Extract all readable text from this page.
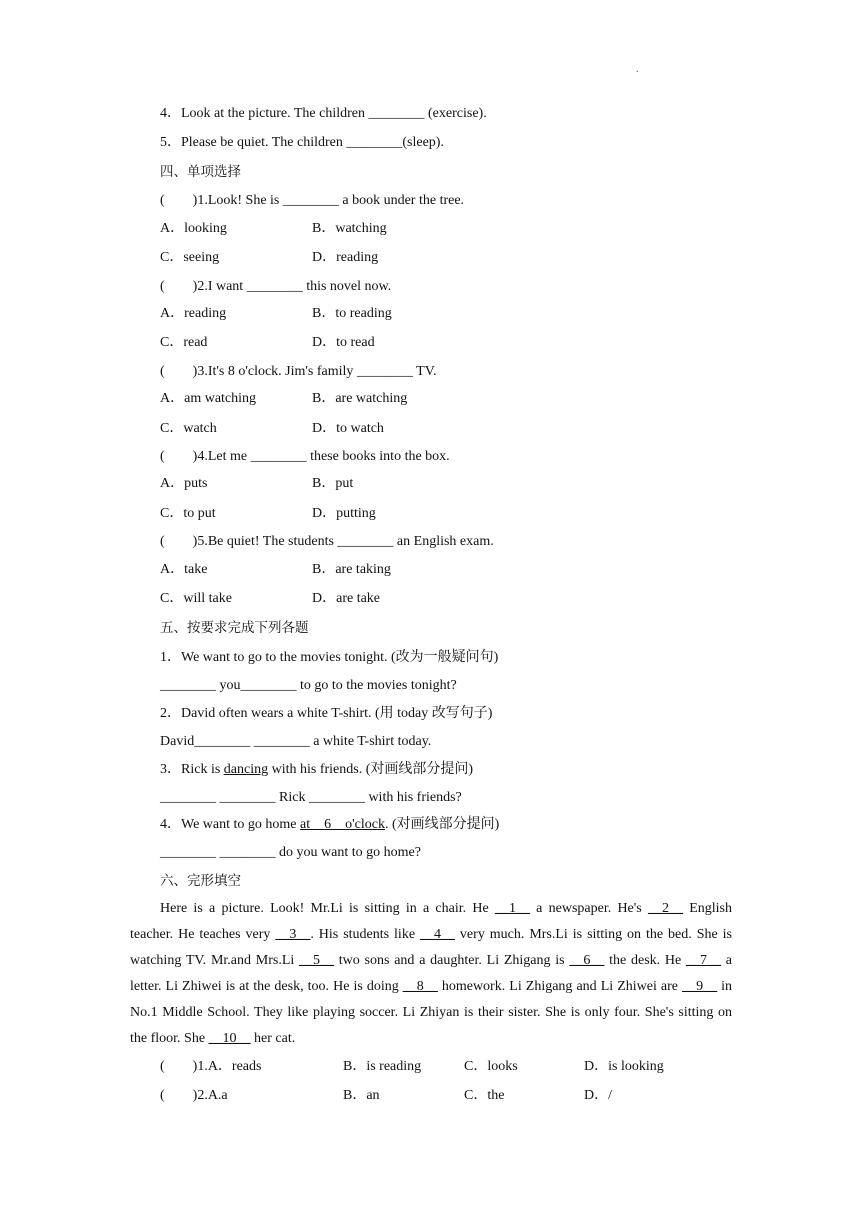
.
4．Look at the picture. The children ________ (exercise).
5．Please be quiet. The children ________(sleep).
四、单项选择
(        )1.Look! She is ________ a book under the tree.
A．looking	B．watching
C．seeing	D．reading
(        )2.I want ________ this novel now.
A．reading	B．to reading
C．read	D．to read
(        )3.It's 8 o'clock. Jim's family ________ TV.
A．am watching	B．are watching
C．watch	D．to watch
(        )4.Let me ________ these books into the box.
A．puts	B．put
C．to put	D．putting
(        )5.Be quiet! The students ________ an English exam.
A．take	B．are taking
C．will take	D．are take
五、按要求完成下列各题
1．We want to go to the movies tonight. (改为一般疑问句)
________ you________ to go to the movies tonight?
2．David often wears a white T-shirt. (用 today 改写句子)
David________ ________ a white T-shirt today.
3．Rick is dancing with his friends. (对画线部分提问)
________ ________ Rick ________ with his friends?
4．We want to go home at    6    o'clock. (对画线部分提问)
________ ________ do you want to go home?
六、完形填空
Here is a picture. Look! Mr.Li is sitting in a chair. He __1__ a newspaper. He's __2__ English teacher. He teaches very __3__. His students like __4__ very much. Mrs.Li is sitting on the bed. She is watching TV. Mr.and Mrs.Li __5__ two sons and a daughter. Li Zhigang is __6__ the desk. He __7__ a letter. Li Zhiwei is at the desk, too. He is doing __8__ homework. Li Zhigang and Li Zhiwei are __9__ in No.1 Middle School. They like playing soccer. Li Zhiyan is their sister. She is only four. She's sitting on the floor. She __10__ her cat.
(        )1.A．reads	B．is reading	C．looks	D．is looking
(        )2.A.a	B．an	C．the	D．/
